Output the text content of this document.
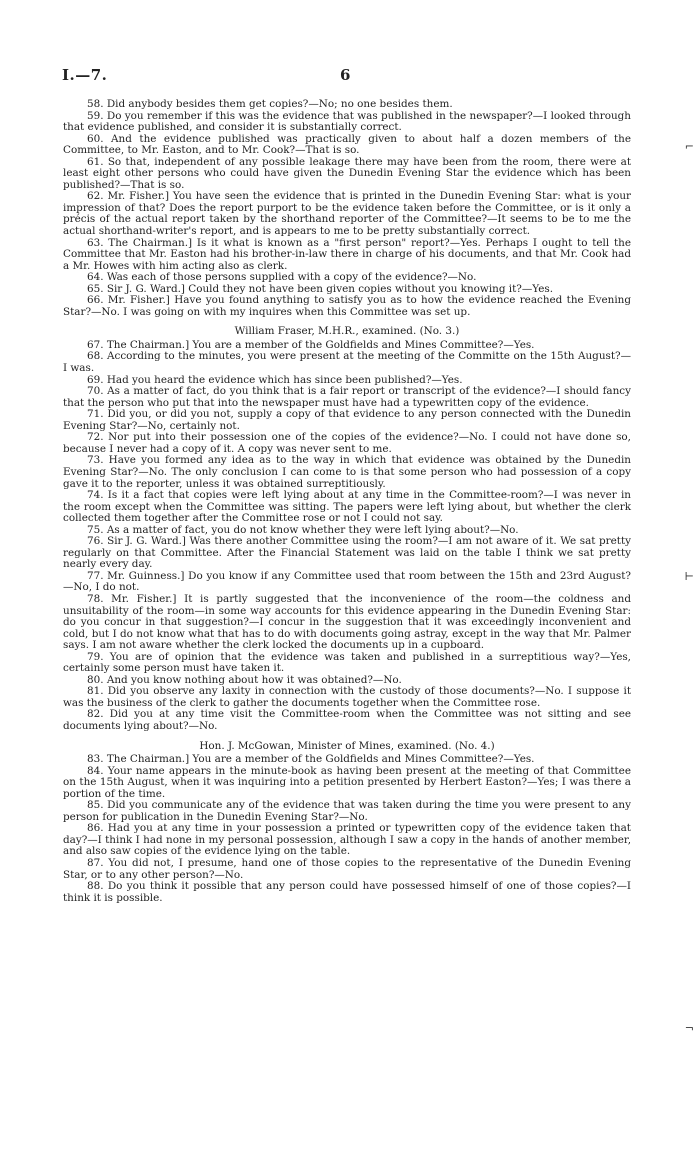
I.—7.	6

58. Did anybody besides them get copies?—No; no one besides them.

59. Do you remember if this was the evidence that was published in the newspaper?—I looked through that evidence published, and consider it is substantially correct.

60. And the evidence published was practically given to about half a dozen members of the Committee, to Mr. Easton, and to Mr. Cook?—That is so.

61. So that, independent of any possible leakage there may have been from the room, there were at least eight other persons who could have given the Dunedin Evening Star the evidence which has been published?—That is so.

62. Mr. Fisher.] You have seen the evidence that is printed in the Dunedin Evening Star: what is your impression of that? Does the report purport to be the evidence taken before the Committee, or is it only a précis of the actual report taken by the shorthand reporter of the Committee?—It seems to be to me the actual shorthand-writer's report, and is appears to me to be pretty substantially correct.

63. The Chairman.] Is it what is known as a "first person" report?—Yes. Perhaps I ought to tell the Committee that Mr. Easton had his brother-in-law there in charge of his documents, and that Mr. Cook had a Mr. Howes with him acting also as clerk.

64. Was each of those persons supplied with a copy of the evidence?—No.

65. Sir J. G. Ward.] Could they not have been given copies without you knowing it?—Yes.

66. Mr. Fisher.] Have you found anything to satisfy you as to how the evidence reached the Evening Star?—No. I was going on with my inquires when this Committee was set up.

William Fraser, M.H.R., examined. (No. 3.)

67. The Chairman.] You are a member of the Goldfields and Mines Committee?—Yes.

68. According to the minutes, you were present at the meeting of the Committe on the 15th August?—I was.

69. Had you heard the evidence which has since been published?—Yes.

70. As a matter of fact, do you think that is a fair report or transcript of the evidence?—I should fancy that the person who put that into the newspaper must have had a typewritten copy of the evidence.

71. Did you, or did you not, supply a copy of that evidence to any person connected with the Dunedin Evening Star?—No, certainly not.

72. Nor put into their possession one of the copies of the evidence?—No. I could not have done so, because I never had a copy of it. A copy was never sent to me.

73. Have you formed any idea as to the way in which that evidence was obtained by the Dunedin Evening Star?—No. The only conclusion I can come to is that some person who had possession of a copy gave it to the reporter, unless it was obtained surreptitiously.

74. Is it a fact that copies were left lying about at any time in the Committee-room?—I was never in the room except when the Committee was sitting. The papers were left lying about, but whether the clerk collected them together after the Committee rose or not I could not say.

75. As a matter of fact, you do not know whether they were left lying about?—No.

76. Sir J. G. Ward.] Was there another Committee using the room?—I am not aware of it. We sat pretty regularly on that Committee. After the Financial Statement was laid on the table I think we sat pretty nearly every day.

77. Mr. Guinness.] Do you know if any Committee used that room between the 15th and 23rd August?—No, I do not.

78. Mr. Fisher.] It is partly suggested that the inconvenience of the room—the coldness and unsuitability of the room—in some way accounts for this evidence appearing in the Dunedin Evening Star: do you concur in that suggestion?—I concur in the suggestion that it was exceedingly inconvenient and cold, but I do not know what that has to do with documents going astray, except in the way that Mr. Palmer says. I am not aware whether the clerk locked the documents up in a cupboard.

79. You are of opinion that the evidence was taken and published in a surreptitious way?—Yes, certainly some person must have taken it.

80. And you know nothing about how it was obtained?—No.

81. Did you observe any laxity in connection with the custody of those documents?—No. I suppose it was the business of the clerk to gather the documents together when the Committee rose.

82. Did you at any time visit the Committee-room when the Committee was not sitting and see documents lying about?—No.

Hon. J. McGowan, Minister of Mines, examined. (No. 4.)

83. The Chairman.] You are a member of the Goldfields and Mines Committee?—Yes.

84. Your name appears in the minute-book as having been present at the meeting of that Committee on the 15th August, when it was inquiring into a petition presented by Herbert Easton?—Yes; I was there a portion of the time.

85. Did you communicate any of the evidence that was taken during the time you were present to any person for publication in the Dunedin Evening Star?—No.

86. Had you at any time in your possession a printed or typewritten copy of the evidence taken that day?—I think I had none in my personal possession, although I saw a copy in the hands of another member, and also saw copies of the evidence lying on the table.

87. You did not, I presume, hand one of those copies to the representative of the Dunedin Evening Star, or to any other person?—No.

88. Do you think it possible that any person could have possessed himself of one of those copies?—I think it is possible.

⌐
⊢
¬
